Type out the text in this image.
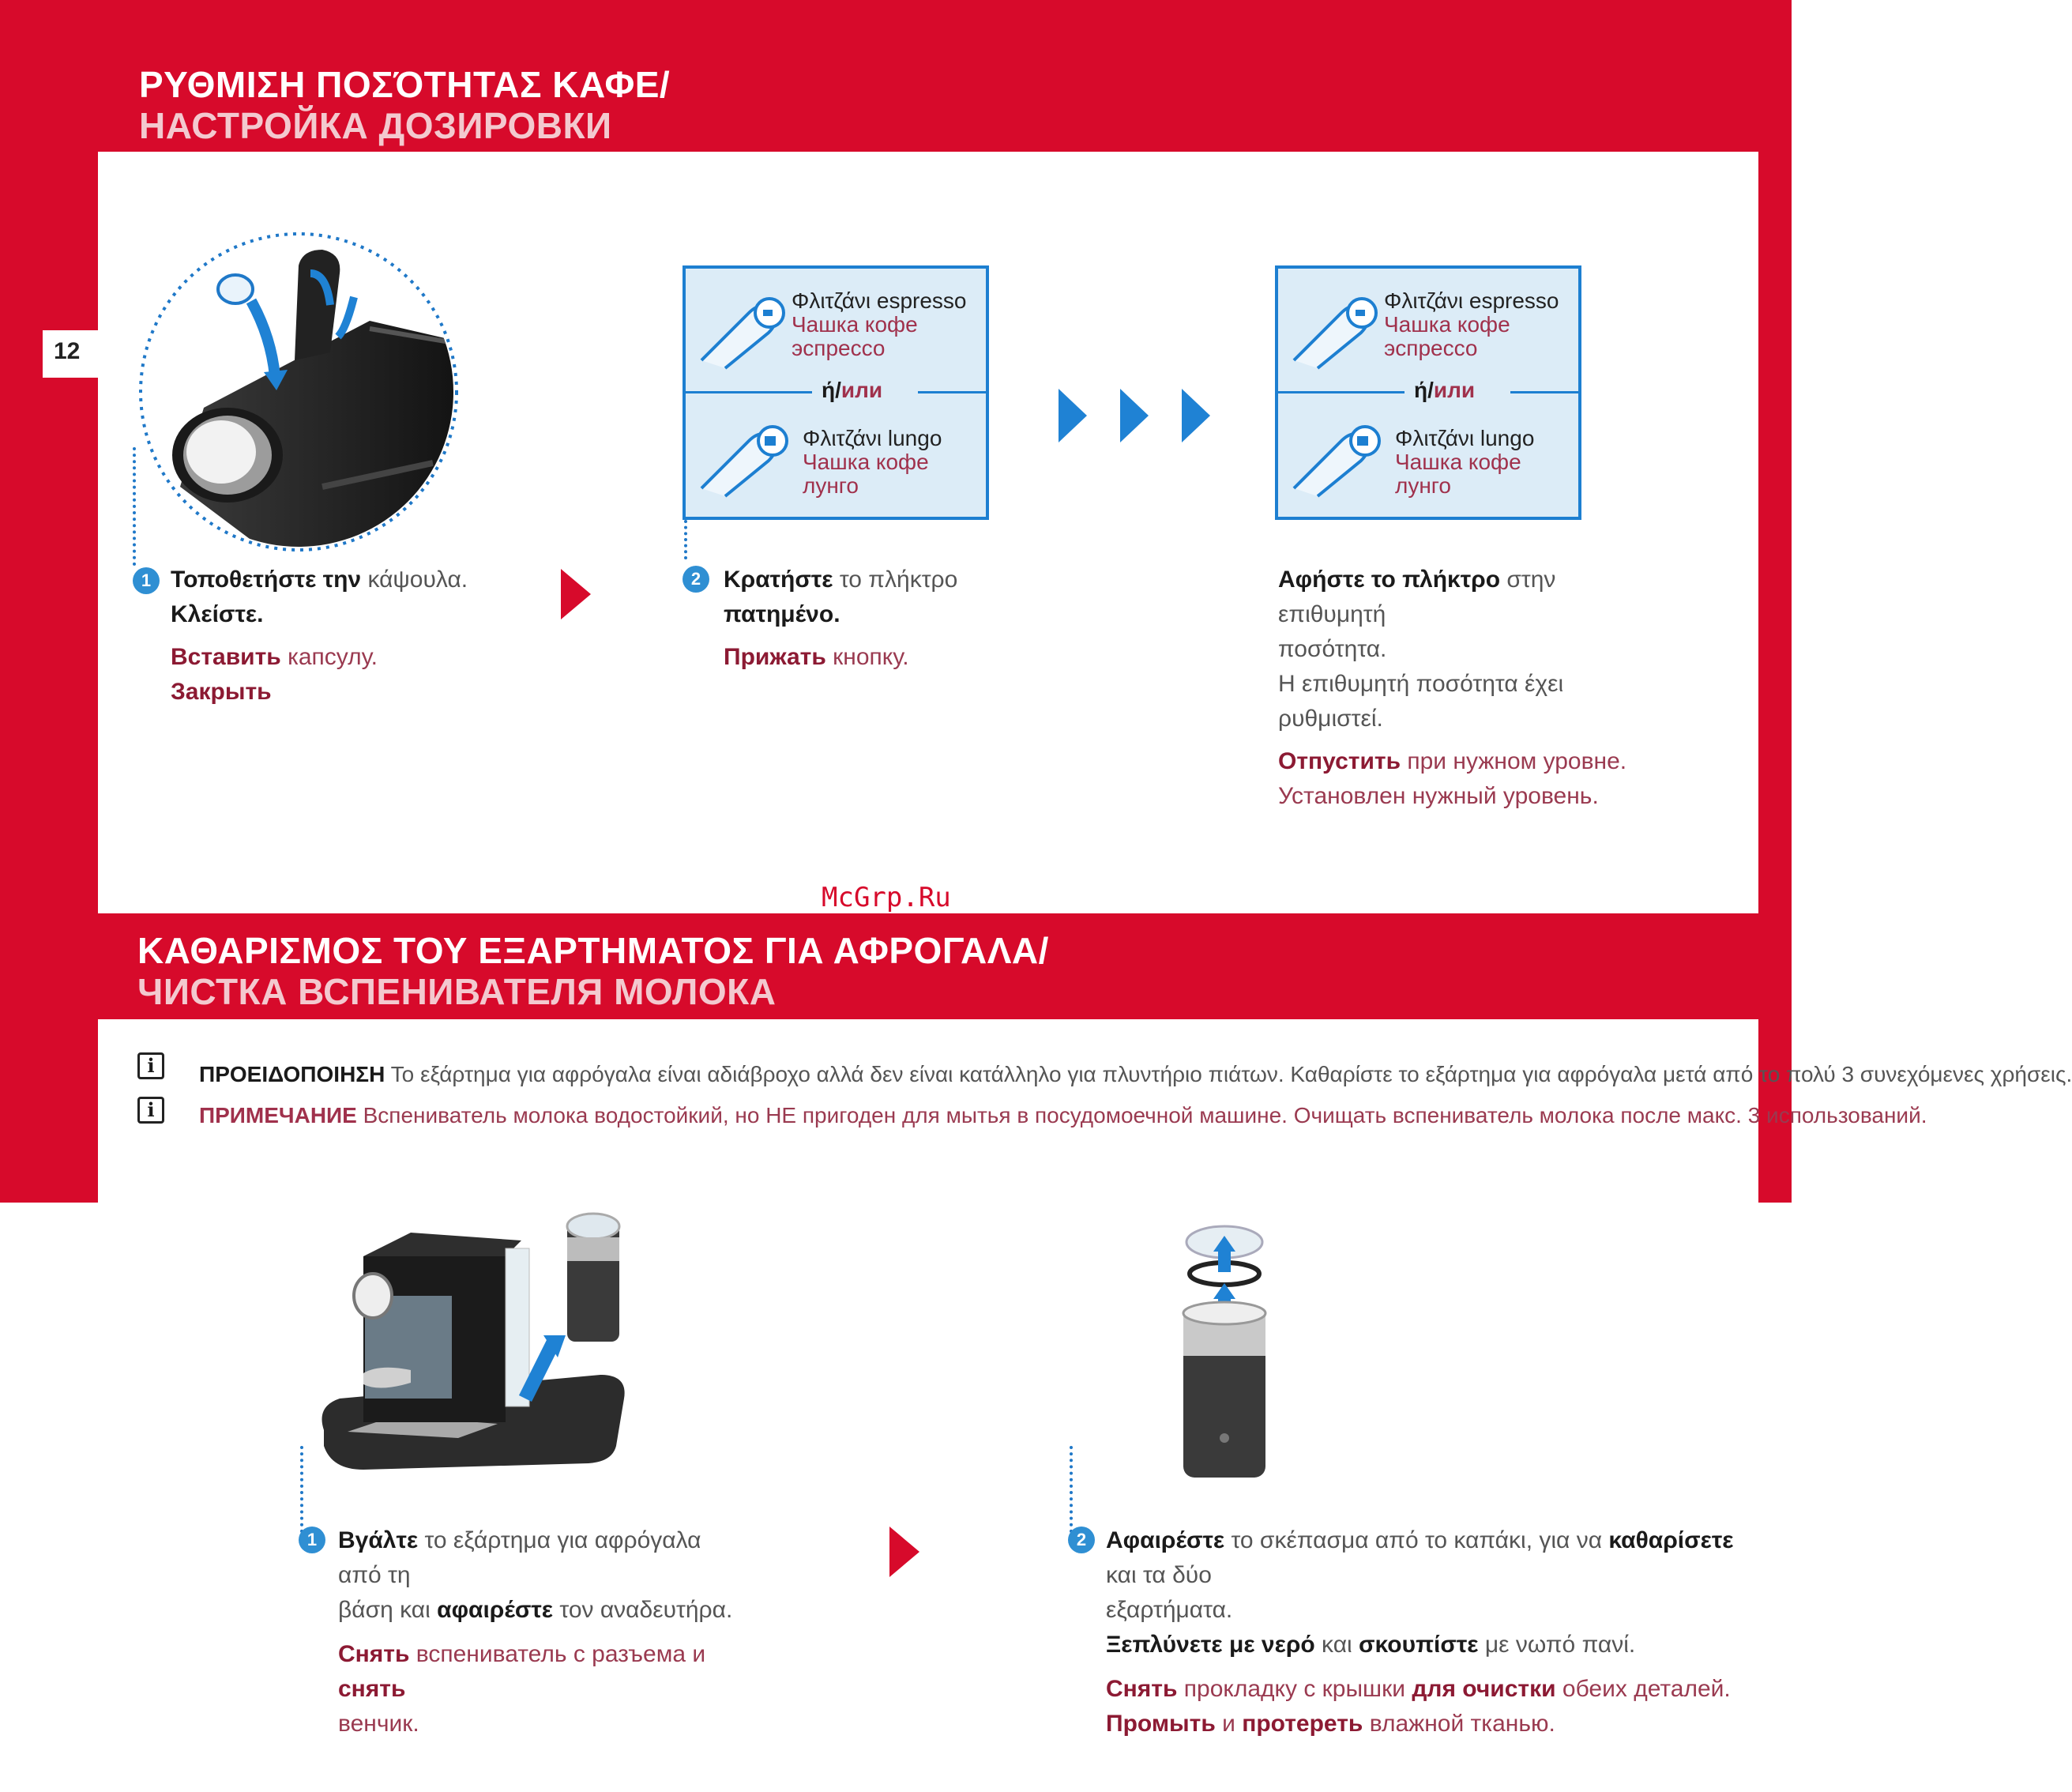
ΡΥΘΜΙΣΗ ΠΟΣΌΤΗΤΑΣ ΚΑΦΕ/
НАСТРОЙКА ДОЗИРОВКИ
12
1 Τοποθετήστε την κάψουλα.
Κλείστε.
Вставить капсулу.
Закрыть
Φλιτζάνι espresso
Чашка кофе эспрессо
ή/или
Φλιτζάνι lungo
Чашка кофе лунго
2 Κρατήστε το πλήκτρο πατημένο.
Прижать кнопку.
Φλιτζάνι espresso
Чашка кофе эспрессо
ή/или
Φλιτζάνι lungo
Чашка кофе лунго
Αφήστε το πλήκτρο στην επιθυμητή
ποσότητα.
Η επιθυμητή ποσότητα έχει ρυθμιστεί.
Отпустить при нужном уровне.
Установлен нужный уровень.
McGrp.Ru
ΚΑΘΑΡΙΣΜΟΣ ΤΟΥ ΕΞΑΡΤΗΜΑΤΟΣ ΓΙΑ ΑΦΡΟΓΑΛΑ/
ЧИСТКА ВСПЕНИВАТЕЛЯ МОЛОКА
i	ΠΡΟΕΙΔΟΠΟΙΗΣΗ Το εξάρτημα για αφρόγαλα είναι αδιάβροχο αλλά δεν είναι κατάλληλο για πλυντήριο πιάτων. Καθαρίστε το εξάρτημα για αφρόγαλα μετά από το πολύ 3 συνεχόμενες χρήσεις.
i	ПРИМЕЧАНИЕ Вспениватель молока водостойкий, но НЕ пригоден для мытья в посудомоечной машине. Очищать вспениватель молока после макс. 3 использований.
1 Βγάλτε το εξάρτημα για αφρόγαλα από τη
βάση και αφαιρέστε τον αναδευτήρα.
Снять вспениватель с разъема и снять
венчик.
2 Αφαιρέστε το σκέπασμα από το καπάκι, για να καθαρίσετε και τα δύο
εξαρτήματα.
Ξεπλύνετε με νερό και σκουπίστε με νωπό πανί.
Снять прокладку с крышки для очистки обеих деталей.
Промыть и протереть влажной тканью.
